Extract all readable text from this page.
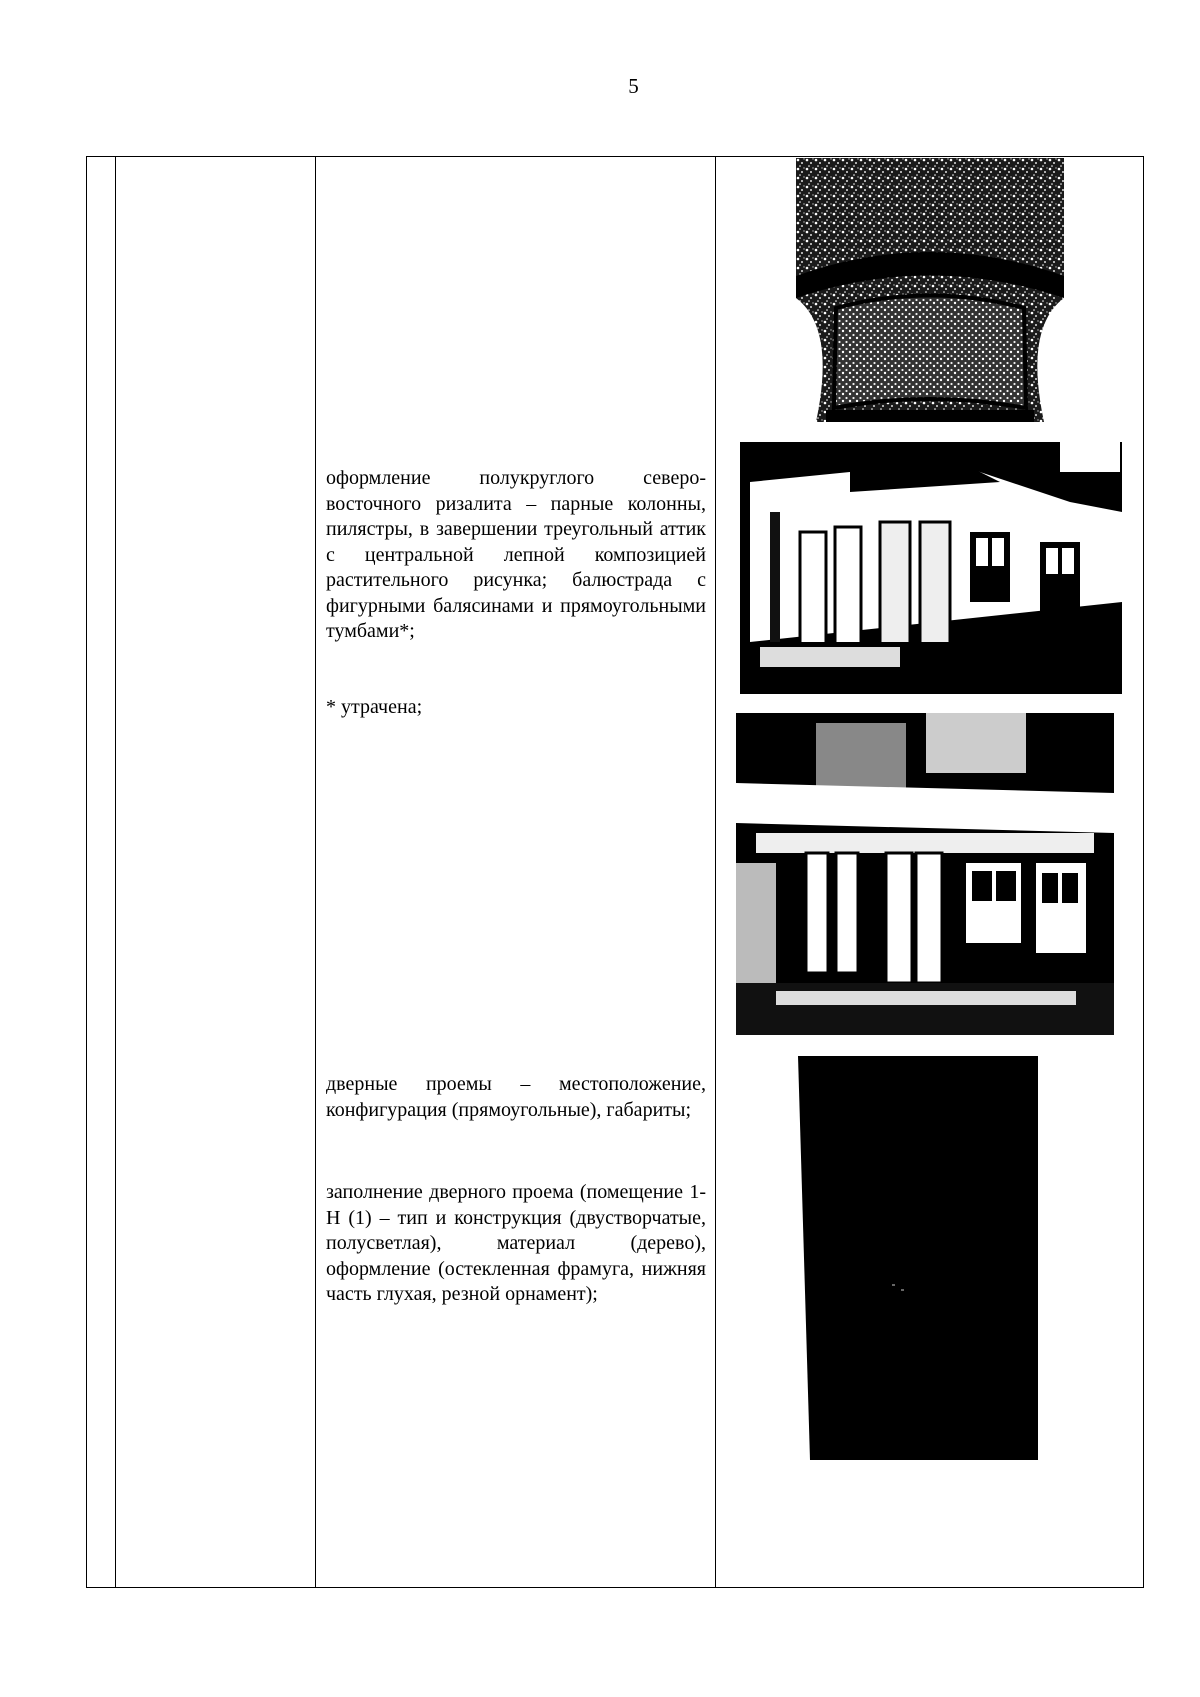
5
оформление полукруглого северо-восточного ризалита – парные колонны, пилястры, в завершении треугольный аттик с центральной лепной композицией растительного рисунка; балюстрада с фигурными балясинами и прямоугольными тумбами*;
* утрачена;
дверные проемы – местоположение, конфигурация (прямоугольные), габариты;
заполнение дверного проема (помещение 1-Н (1) – тип и конструкция (двустворчатые, полусветлая), материал (дерево), оформление (остекленная фрамуга, нижняя часть глухая, резной орнамент);
